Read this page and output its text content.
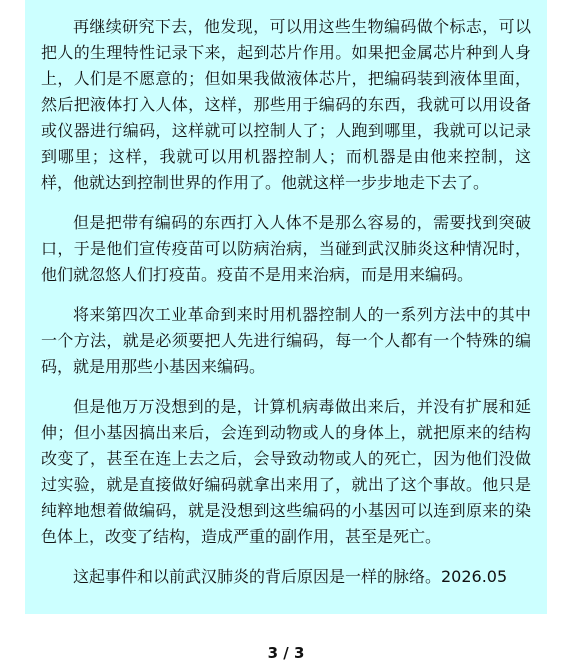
再继续研究下去，他发现，可以用这些生物编码做个标志，可以把人的生理特性记录下来，起到芯片作用。如果把金属芯片种到人身上，人们是不愿意的；但如果我做液体芯片，把编码装到液体里面，然后把液体打入人体，这样，那些用于编码的东西，我就可以用设备或仪器进行编码，这样就可以控制人了；人跑到哪里，我就可以记录到哪里；这样，我就可以用机器控制人；而机器是由他来控制，这样，他就达到控制世界的作用了。他就这样一步步地走下去了。

但是把带有编码的东西打入人体不是那么容易的，需要找到突破口，于是他们宣传疫苗可以防病治病，当碰到武汉肺炎这种情况时，他们就忽悠人们打疫苗。疫苗不是用来治病，而是用来编码。

将来第四次工业革命到来时用机器控制人的一系列方法中的其中一个方法，就是必须要把人先进行编码，每一个人都有一个特殊的编码，就是用那些小基因来编码。

但是他万万没想到的是，计算机病毒做出来后，并没有扩展和延伸；但小基因搞出来后，会连到动物或人的身体上，就把原来的结构改变了，甚至在连上去之后，会导致动物或人的死亡，因为他们没做过实验，就是直接做好编码就拿出来用了，就出了这个事故。他只是纯粹地想着做编码，就是没想到这些编码的小基因可以连到原来的染色体上，改变了结构，造成严重的副作用，甚至是死亡。

这起事件和以前武汉肺炎的背后原因是一样的脉络。2026.05

3 / 3
